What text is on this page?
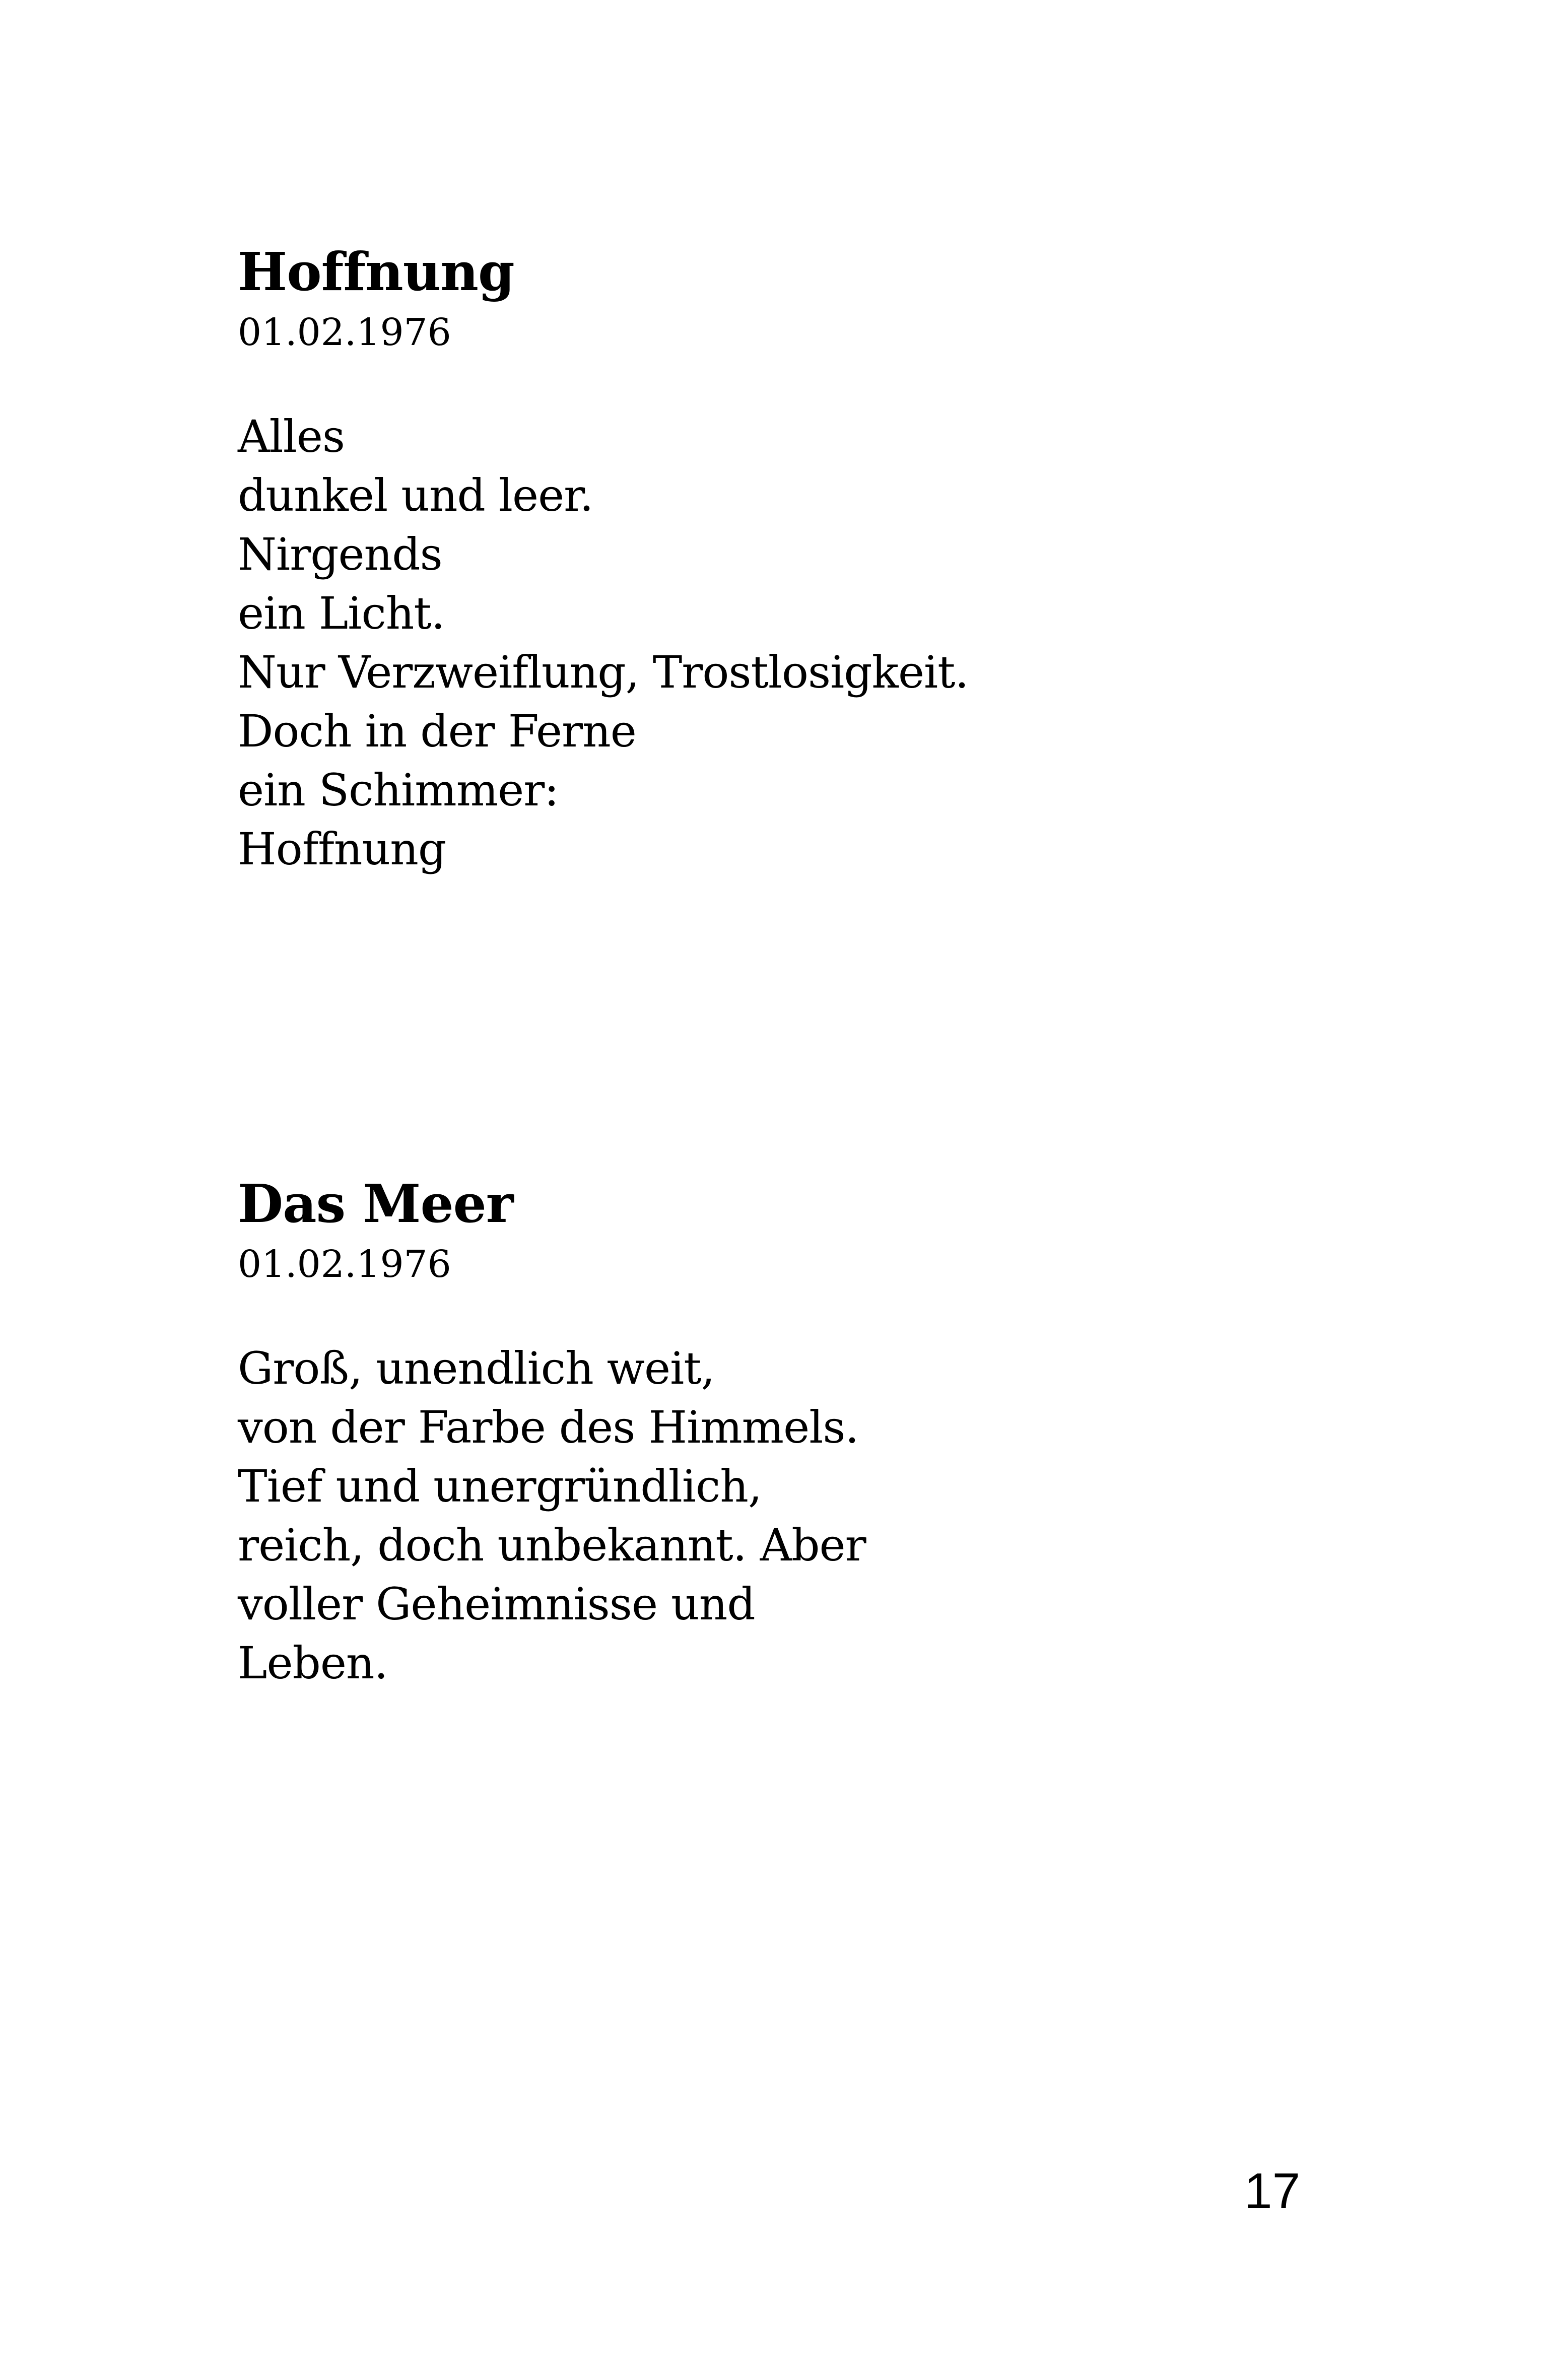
Hoffnung
01.02.1976
Alles
dunkel und leer.
Nirgends
ein Licht.
Nur Verzweiflung, Trostlosigkeit.
Doch in der Ferne
ein Schimmer:
Hoffnung
Das Meer
01.02.1976
Groß, unendlich weit,
von der Farbe des Himmels.
Tief und unergründlich,
reich, doch unbekannt. Aber
voller Geheimnisse und
Leben.
17
